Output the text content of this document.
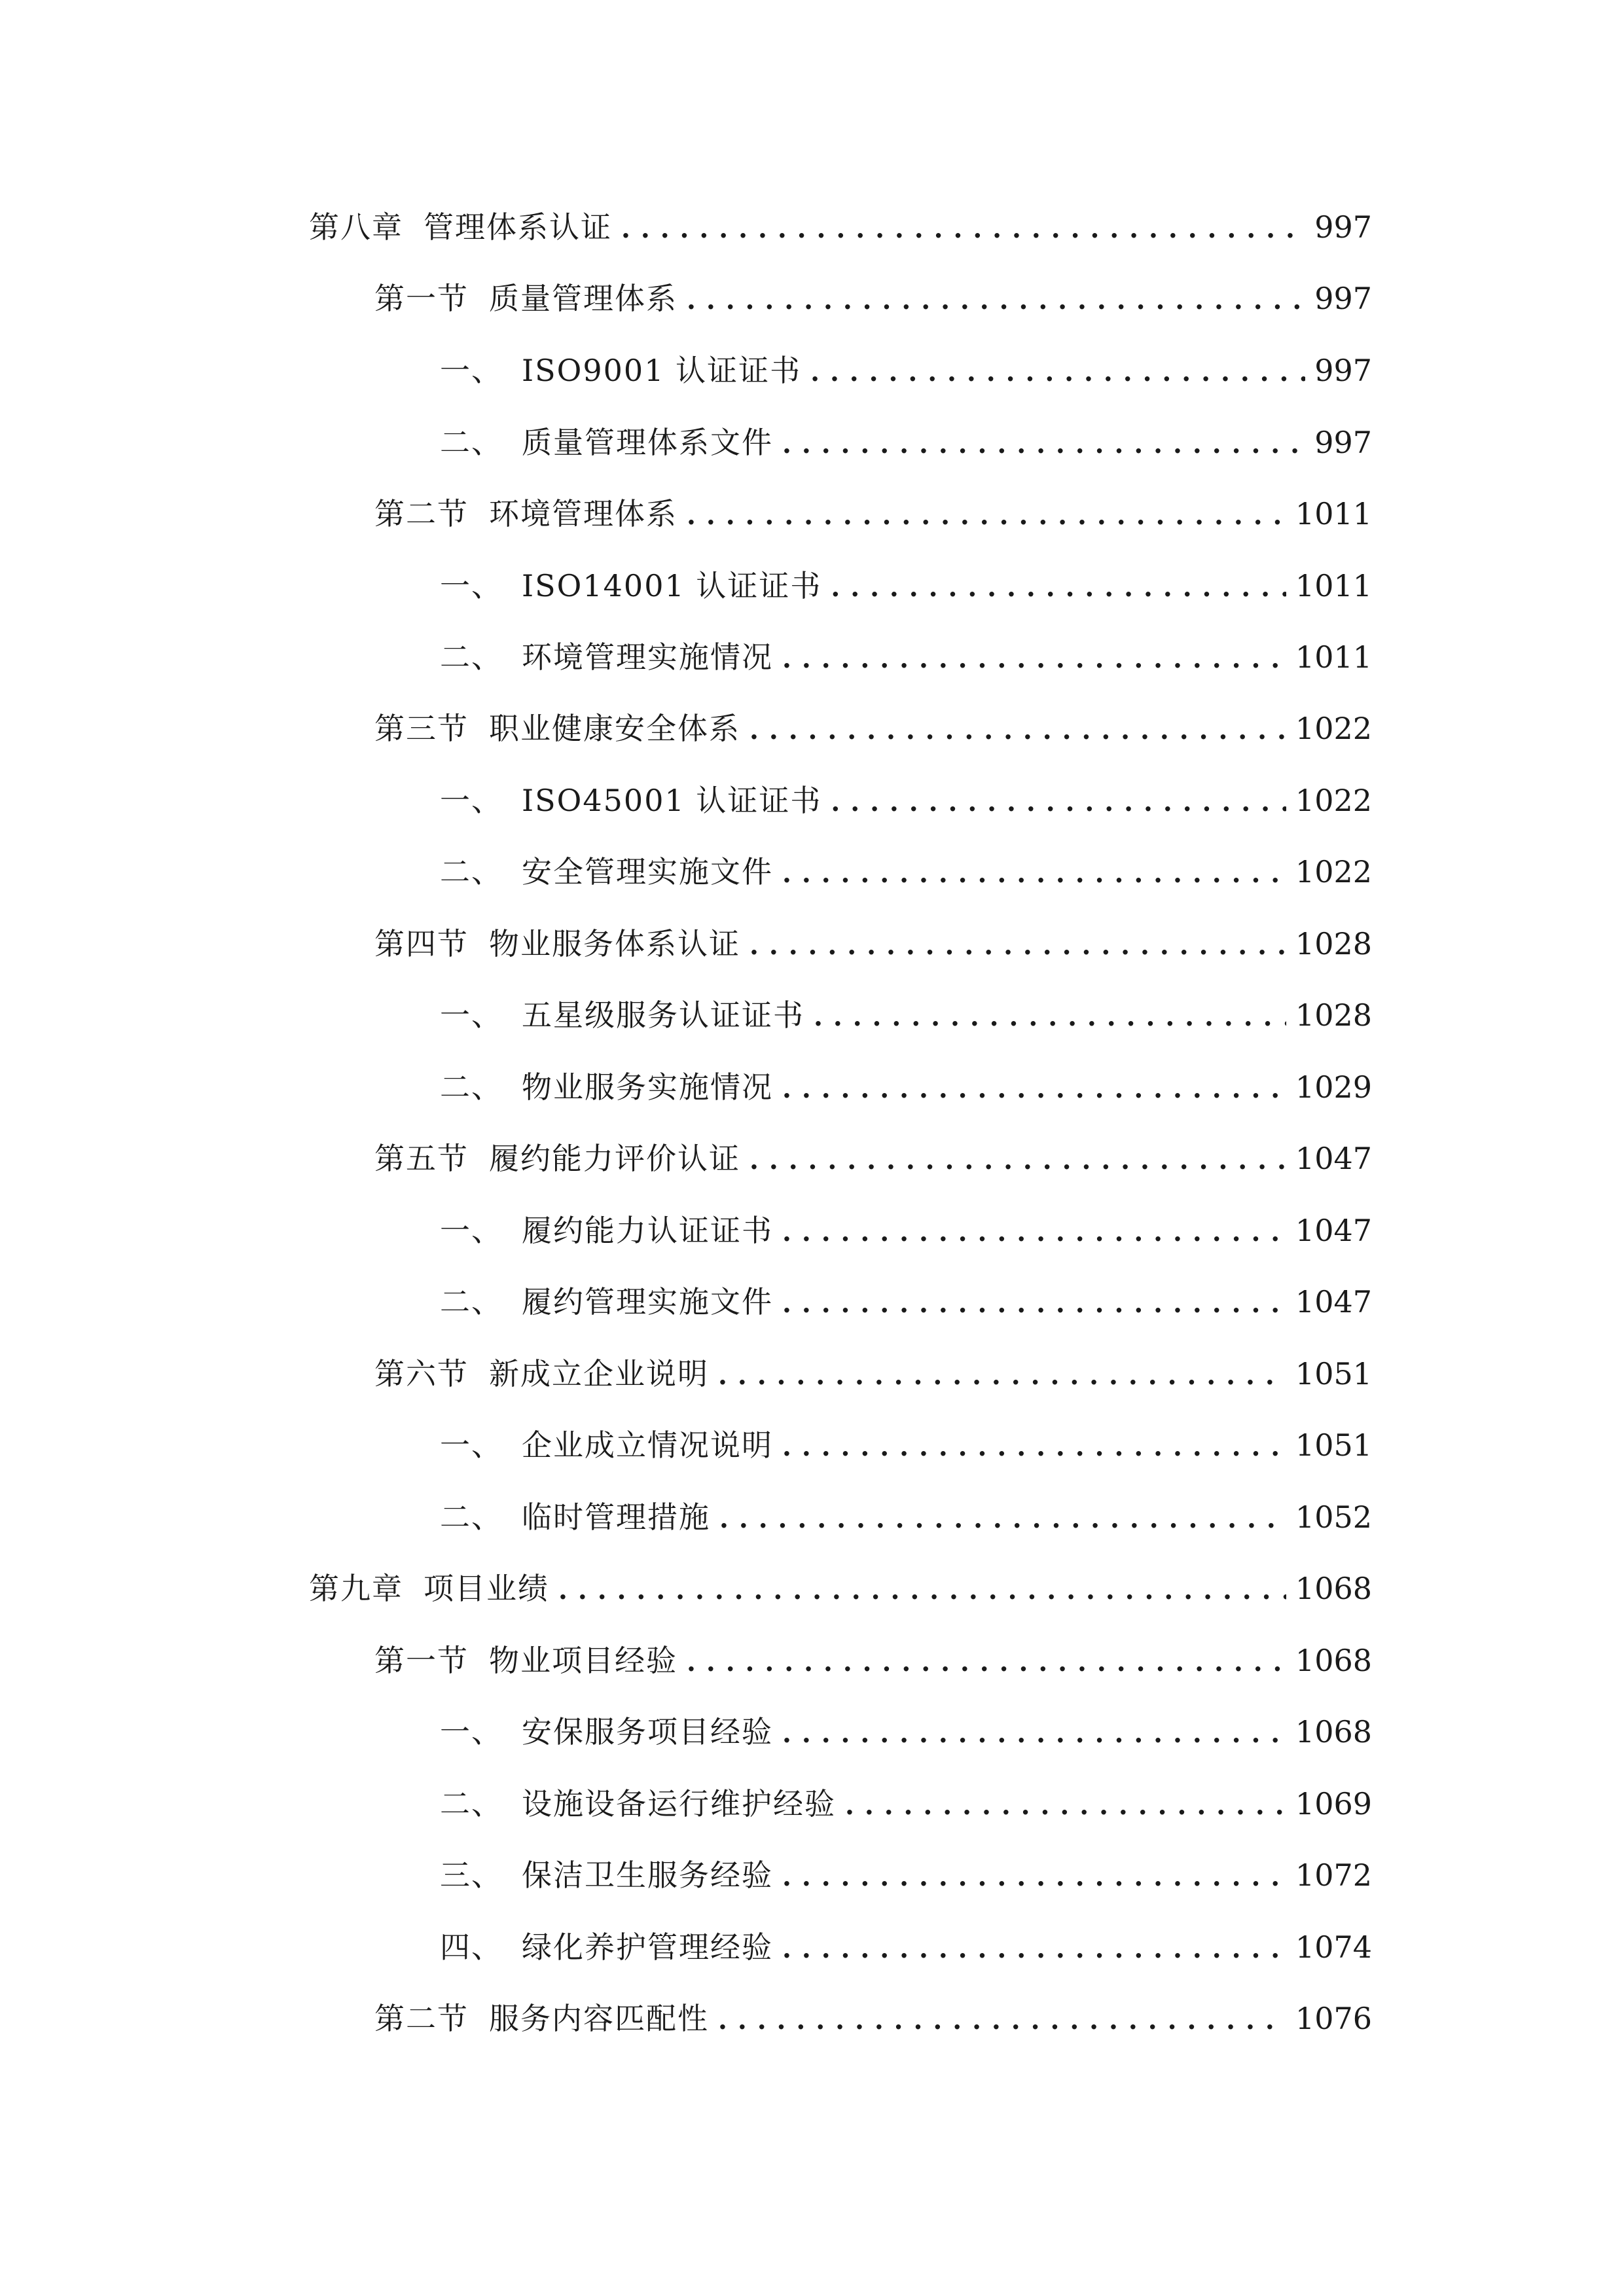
第八章 管理体系认证 . . .	997
第一节 质量管理体系 . . .	997
一、 ISO9001 认证证书 . . .	997
二、 质量管理体系文件 . . .	997
第二节 环境管理体系 . . .	1011
一、 ISO14001 认证证书 . . .	1011
二、 环境管理实施情况 . . .	1011
第三节 职业健康安全体系 . . .	1022
一、 ISO45001 认证证书 . . .	1022
二、 安全管理实施文件 . . .	1022
第四节 物业服务体系认证 . . .	1028
一、 五星级服务认证证书 . . .	1028
二、 物业服务实施情况 . . .	1029
第五节 履约能力评价认证 . . .	1047
一、 履约能力认证证书 . . .	1047
二、 履约管理实施文件 . . .	1047
第六节 新成立企业说明 . . .	1051
一、 企业成立情况说明 . . .	1051
二、 临时管理措施 . . .	1052
第九章 项目业绩 . . .	1068
第一节 物业项目经验 . . .	1068
一、 安保服务项目经验 . . .	1068
二、 设施设备运行维护经验 . . .	1069
三、 保洁卫生服务经验 . . .	1072
四、 绿化养护管理经验 . . .	1074
第二节 服务内容匹配性 . . .	1076
